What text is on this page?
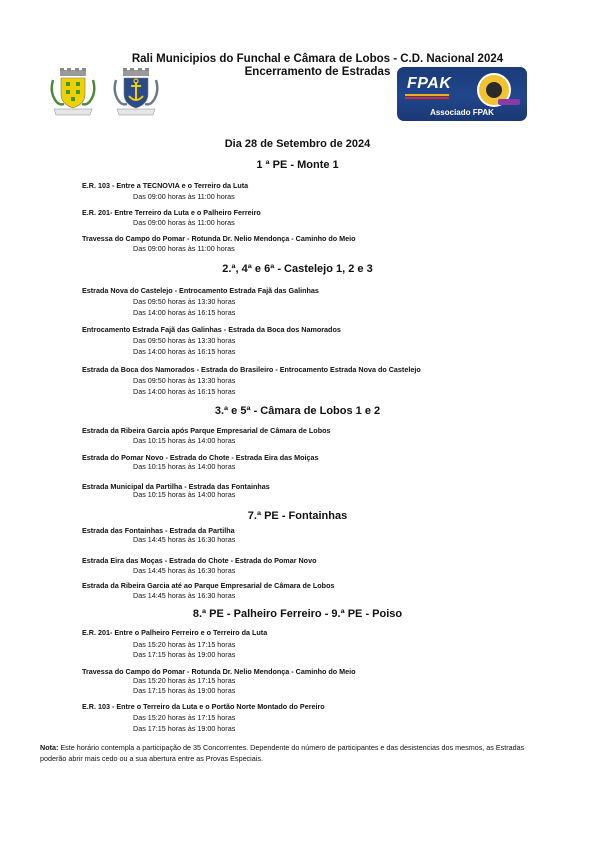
Rali Municipios do Funchal e Câmara de Lobos - C.D. Nacional 2024
Encerramento de Estradas
FPAK
Associado FPAK
Dia 28 de Setembro de 2024
1 ª PE - Monte 1
E.R. 103 - Entre a TECNOVIA e o Terreiro da Luta
Das 09:00 horas às 11:00 horas
E.R. 201- Entre Terreiro da Luta e o Palheiro Ferreiro
Das 09:00 horas às 11:00 horas
Travessa do Campo do Pomar - Rotunda Dr. Nelio Mendonça - Caminho do Meio
Das 09:00 horas às 11:00 horas
2.ª, 4ª e 6ª - Castelejo 1, 2 e 3
Estrada Nova do Castelejo - Entrocamento Estrada Fajã das Galinhas
Das 09:50 horas às 13:30 horas
Das 14:00 horas às 16:15 horas
Entrocamento Estrada Fajã das Galinhas - Estrada da Boca dos Namorados
Das 09:50 horas às 13:30 horas
Das 14:00 horas às 16:15 horas
Estrada da Boca dos Namorados - Estrada do Brasileiro - Entrocamento Estrada Nova do Castelejo
Das 09:50 horas às 13:30 horas
Das 14:00 horas às 16:15 horas
3.ª e 5ª - Câmara de Lobos 1 e 2
Estrada da Ribeira Garcia após Parque Empresarial de Câmara de Lobos
Das 10:15 horas às 14:00 horas
Estrada do Pomar Novo - Estrada do Chote - Estrada Eira das Moiças
Das 10:15 horas às 14:00 horas
Estrada Municipal da Partilha - Estrada das Fontainhas
Das 10:15 horas às 14:00 horas
7.ª PE - Fontainhas
Estrada das Fontainhas - Estrada da Partilha
Das 14:45 horas às 16:30 horas
Estrada Eira das Moças - Estrada do Chote - Estrada do Pomar Novo
Das 14:45 horas às 16:30 horas
Estrada da Ribeira Garcia até ao Parque Empresarial de Câmara de Lobos
Das 14:45 horas às 16:30 horas
8.ª PE - Palheiro Ferreiro - 9.ª PE - Poiso
E.R. 201- Entre o Palheiro Ferreiro e o Terreiro da Luta
Das 15:20 horas às 17:15 horas
Das 17:15 horas às 19:00 horas
Travessa do Campo do Pomar - Rotunda Dr. Nelio Mendonça - Caminho do Meio
Das 15:20 horas às 17:15 horas
Das 17:15 horas às 19:00 horas
E.R. 103 - Entre o Terreiro da Luta e o Portão Norte Montado do Pereiro
Das 15:20 horas às 17:15 horas
Das 17:15 horas às 19:00 horas
Nota: Este horário contempla a participação de 35 Concorrentes. Dependente do número de participantes e das desistencias dos mesmos, as Estradas poderão abrir mais cedo ou a sua abertura entre as Provas Especiais.
